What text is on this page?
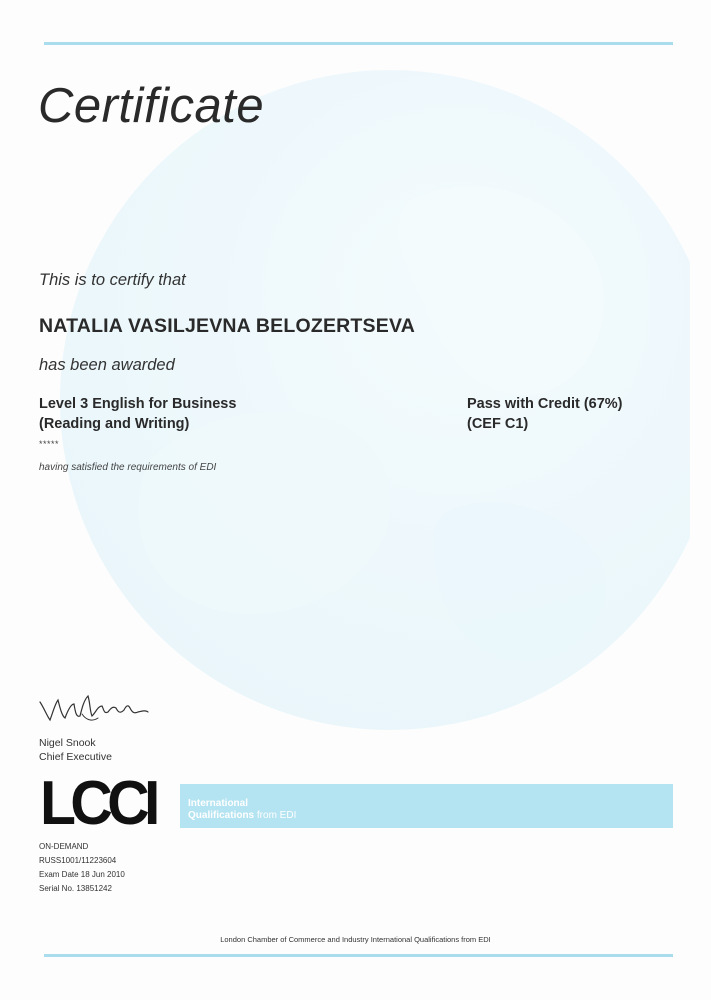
Certificate
This is to certify that
NATALIA VASILJEVNA BELOZERTSEVA
has been awarded
Level 3 English for Business
(Reading and Writing)
Pass with Credit (67%)
(CEF C1)
*****
having satisfied the requirements of EDI
Nigel Snook
Chief Executive
LCCI	International
Qualifications from EDI
ON-DEMAND
RUSS1001/11223604
Exam Date 18 Jun 2010
Serial No. 13851242
London Chamber of Commerce and Industry International Qualifications from EDI
